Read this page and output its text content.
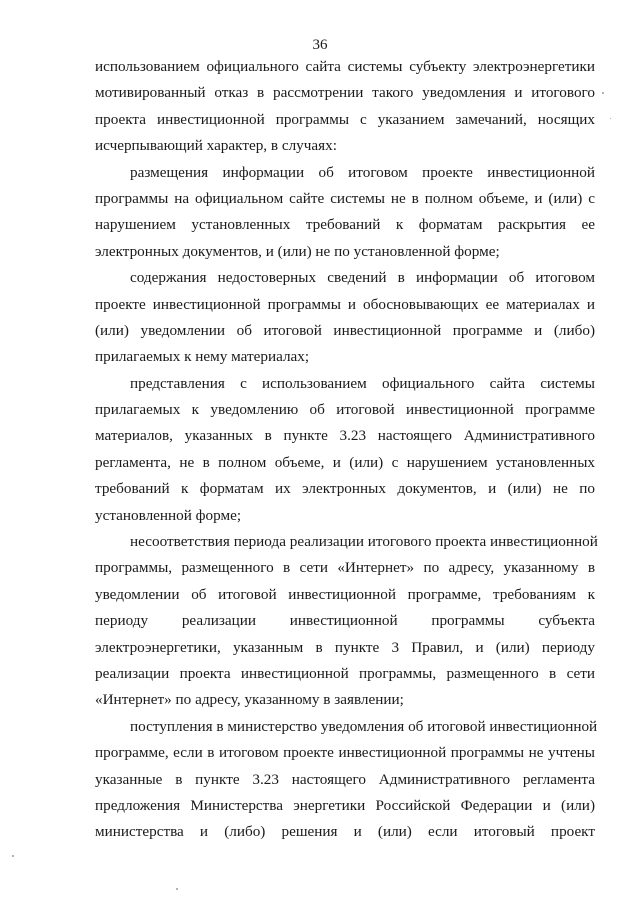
36
использованием официального сайта системы субъекту электроэнергетики
мотивированный отказ в рассмотрении такого уведомления и итогового
проекта инвестиционной программы с указанием замечаний, носящих
исчерпывающий характер, в случаях:
размещения информации об итоговом проекте инвестиционной
программы на официальном сайте системы не в полном объеме, и (или) с
нарушением установленных требований к форматам раскрытия ее
электронных документов, и (или) не по установленной форме;
содержания недостоверных сведений в информации об итоговом
проекте инвестиционной программы и обосновывающих ее материалах и
(или) уведомлении об итоговой инвестиционной программе и (либо)
прилагаемых к нему материалах;
представления с использованием официального сайта системы
прилагаемых к уведомлению об итоговой инвестиционной программе
материалов, указанных в пункте 3.23 настоящего Административного
регламента, не в полном объеме, и (или) с нарушением установленных
требований к форматам их электронных документов, и (или) не по
установленной форме;
несоответствия периода реализации итогового проекта инвестиционной
программы, размещенного в сети «Интернет» по адресу, указанному в
уведомлении об итоговой инвестиционной программе, требованиям к
периоду реализации инвестиционной программы субъекта
электроэнергетики, указанным в пункте 3 Правил, и (или) периоду
реализации проекта инвестиционной программы, размещенного в сети
«Интернет» по адресу, указанному в заявлении;
поступления в министерство уведомления об итоговой инвестиционной
программе, если в итоговом проекте инвестиционной программы не учтены
указанные в пункте 3.23 настоящего Административного регламента
предложения Министерства энергетики Российской Федерации и (или)
министерства и (либо) решения и (или) если итоговый проект
